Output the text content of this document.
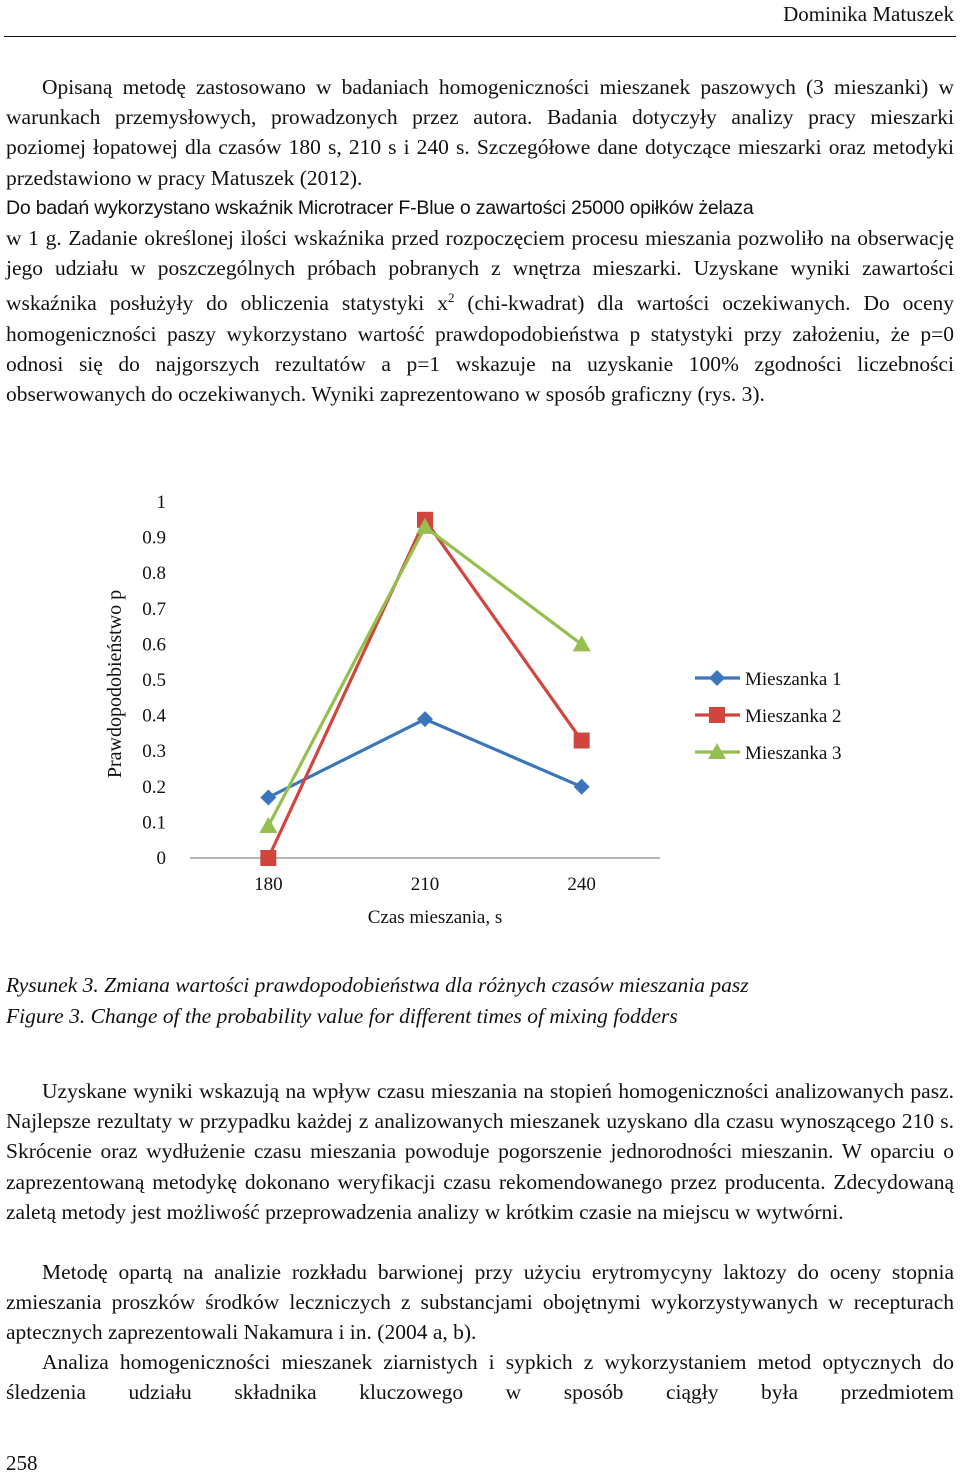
Dominika Matuszek

Opisaną metodę zastosowano w badaniach homogeniczności mieszanek paszowych (3 mieszanki) w warunkach przemysłowych, prowadzonych przez autora. Badania dotyczyły analizy pracy mieszarki poziomej łopatowej dla czasów 180 s, 210 s i 240 s. Szczegółowe dane dotyczące mieszarki oraz metodyki przedstawiono w pracy Matuszek (2012).

Do badań wykorzystano wskaźnik Microtracer F-Blue o zawartości 25000 opiłków żelaza

w 1 g. Zadanie określonej ilości wskaźnika przed rozpoczęciem procesu mieszania pozwoliło na obserwację jego udziału w poszczególnych próbach pobranych z wnętrza mieszarki. Uzyskane wyniki zawartości wskaźnika posłużyły do obliczenia statystyki $x^2$ (chi-kwadrat) dla wartości oczekiwanych. Do oceny homogeniczności paszy wykorzystano wartość prawdopodobieństwa p statystyki przy założeniu, że p=0 odnosi się do najgorszych rezultatów a p=1 wskazuje na uzyskanie 100% zgodności liczebności obserwowanych do oczekiwanych. Wyniki zaprezentowano w sposób graficzny (rys. 3).

0
0.1
0.2
0.3
0.4
0.5
0.6
0.7
0.8
0.9
1
180	210	240
Mieszanka 1
Mieszanka 2
Mieszanka 3
Prawdopodobieństwo p
Czas mieszania, s

Rysunek 3. Zmiana wartości prawdopodobieństwa dla różnych czasów mieszania pasz

Figure 3. Change of the probability value for different times of mixing fodders

Uzyskane wyniki wskazują na wpływ czasu mieszania na stopień homogeniczności analizowanych pasz. Najlepsze rezultaty w przypadku każdej z analizowanych mieszanek uzyskano dla czasu wynoszącego 210 s. Skrócenie oraz wydłużenie czasu mieszania powoduje pogorszenie jednorodności mieszanin. W oparciu o zaprezentowaną metodykę dokonano weryfikacji czasu rekomendowanego przez producenta. Zdecydowaną zaletą metody jest możliwość przeprowadzenia analizy w krótkim czasie na miejscu w wytwórni.

Metodę opartą na analizie rozkładu barwionej przy użyciu erytromycyny laktozy do oceny stopnia zmieszania proszków środków leczniczych z substancjami obojętnymi wykorzystywanych w recepturach aptecznych zaprezentowali Nakamura i in. (2004 a, b).

Analiza homogeniczności mieszanek ziarnistych i sypkich z wykorzystaniem metod optycznych do śledzenia udziału składnika kluczowego w sposób ciągły była przedmiotem

258
